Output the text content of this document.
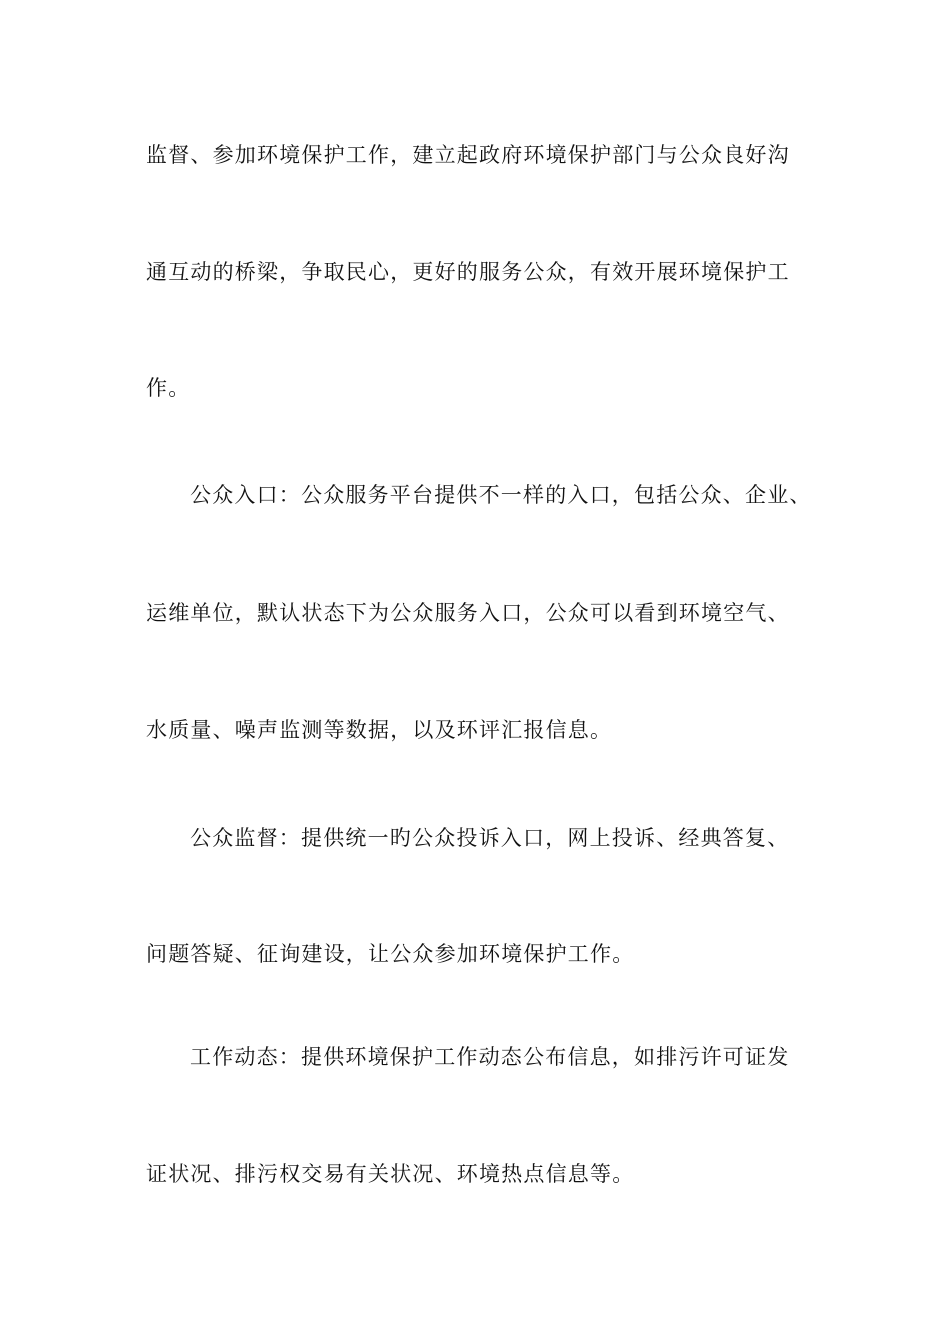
监督、参加环境保护工作，建立起政府环境保护部门与公众良好沟
通互动的桥梁，争取民心，更好的服务公众，有效开展环境保护工
作。
公众入口：公众服务平台提供不一样的入口，包括公众、企业、
运维单位，默认状态下为公众服务入口，公众可以看到环境空气、
水质量、噪声监测等数据，以及环评汇报信息。
公众监督：提供统一旳公众投诉入口，网上投诉、经典答复、
问题答疑、征询建设，让公众参加环境保护工作。
工作动态：提供环境保护工作动态公布信息，如排污许可证发
证状况、排污权交易有关状况、环境热点信息等。
